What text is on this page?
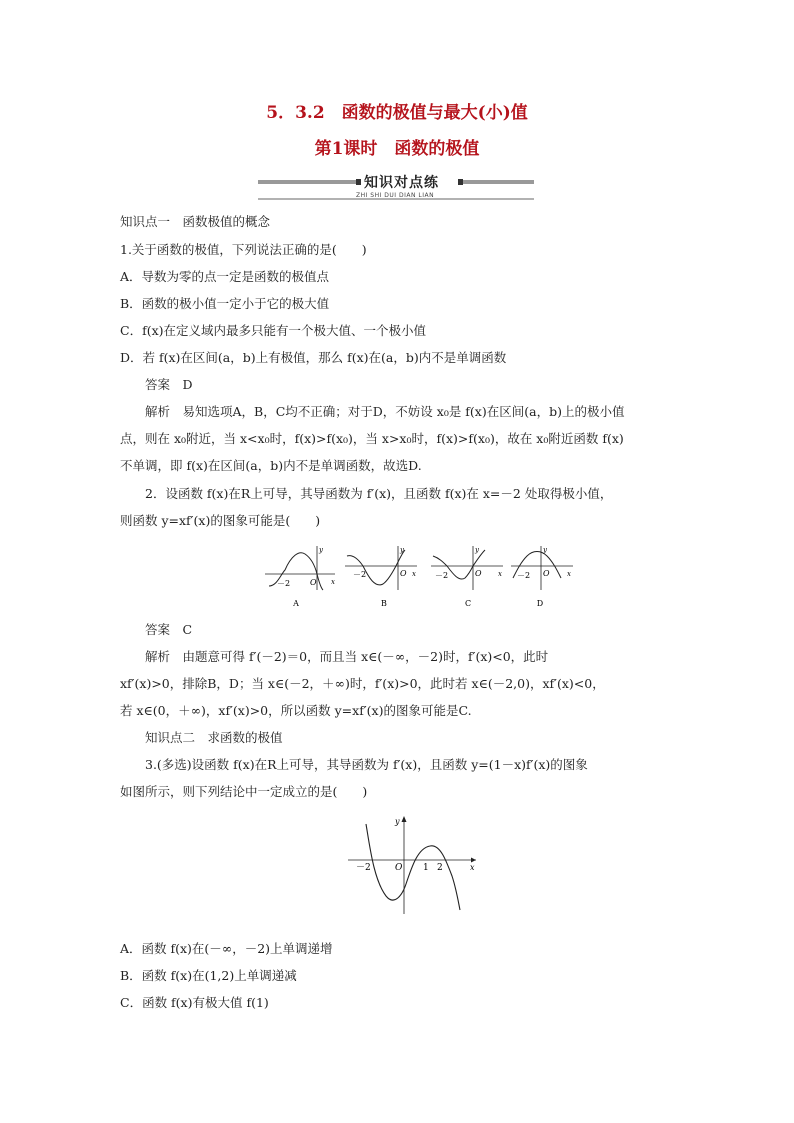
5．3.2　函数的极值与最大(小)值
第1课时　函数的极值
知识对点练
ZHI SHI DUI DIAN LIAN
知识点一　函数极值的概念
1.关于函数的极值，下列说法正确的是(　　)
A．导数为零的点一定是函数的极值点
B．函数的极小值一定小于它的极大值
C．f(x)在定义域内最多只能有一个极大值、一个极小值
D．若 f(x)在区间(a，b)上有极值，那么 f(x)在(a，b)内不是单调函数
答案　D
解析　易知选项A，B，C均不正确；对于D，不妨设 x₀是 f(x)在区间(a，b)上的极小值
点，则在 x₀附近，当 x<x₀时，f(x)>f(x₀)，当 x>x₀时，f(x)>f(x₀)，故在 x₀附近函数 f(x)
不单调，即 f(x)在区间(a，b)内不是单调函数，故选D.
2．设函数 f(x)在R上可导，其导函数为 f′(x)，且函数 f(x)在 x=－2 处取得极小值，
则函数 y=xf′(x)的图象可能是(　　)
－2 O
y
x
－2	O
y
x －2	O
y
x －2 O
y
x
A	B	C	D
答案　C
解析　由题意可得 f′(－2)＝0，而且当 x∈(－∞，－2)时，f′(x)<0，此时
xf′(x)>0，排除B，D；当 x∈(－2，＋∞)时，f′(x)>0，此时若 x∈(－2,0)，xf′(x)<0，
若 x∈(0，＋∞)，xf′(x)>0，所以函数 y=xf′(x)的图象可能是C.
知识点二　求函数的极值
3.(多选)设函数 f(x)在R上可导，其导函数为 f′(x)，且函数 y=(1－x)f′(x)的图象
如图所示，则下列结论中一定成立的是(　　)
－2	O 1 2
y
x
A．函数 f(x)在(－∞，－2)上单调递增
B．函数 f(x)在(1,2)上单调递减
C．函数 f(x)有极大值 f(1)
